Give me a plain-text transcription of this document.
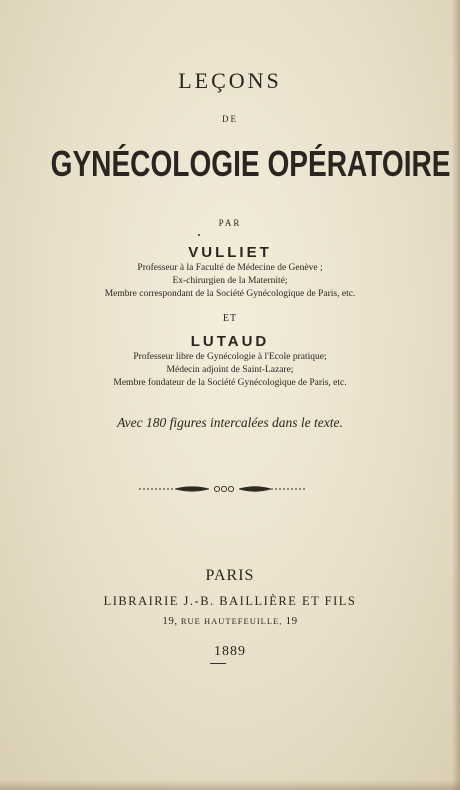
LEÇONS
DE
GYNÉCOLOGIE OPÉRATOIRE
PAR
VULLIET
Professeur à la Faculté de Médecine de Genève ;
Ex-chirurgien de la Maternité;
Membre correspondant de la Société Gynécologique de Paris, etc.
ET
LUTAUD
Professeur libre de Gynécologie à l'Ecole pratique;
Médecin adjoint de Saint-Lazare;
Membre fondateur de la Société Gynécologique de Paris, etc.
Avec 180 figures intercalées dans le texte.
PARIS
LIBRAIRIE J.-B. BAILLIÈRE ET FILS
19, RUE HAUTEFEUILLE, 19
1889
